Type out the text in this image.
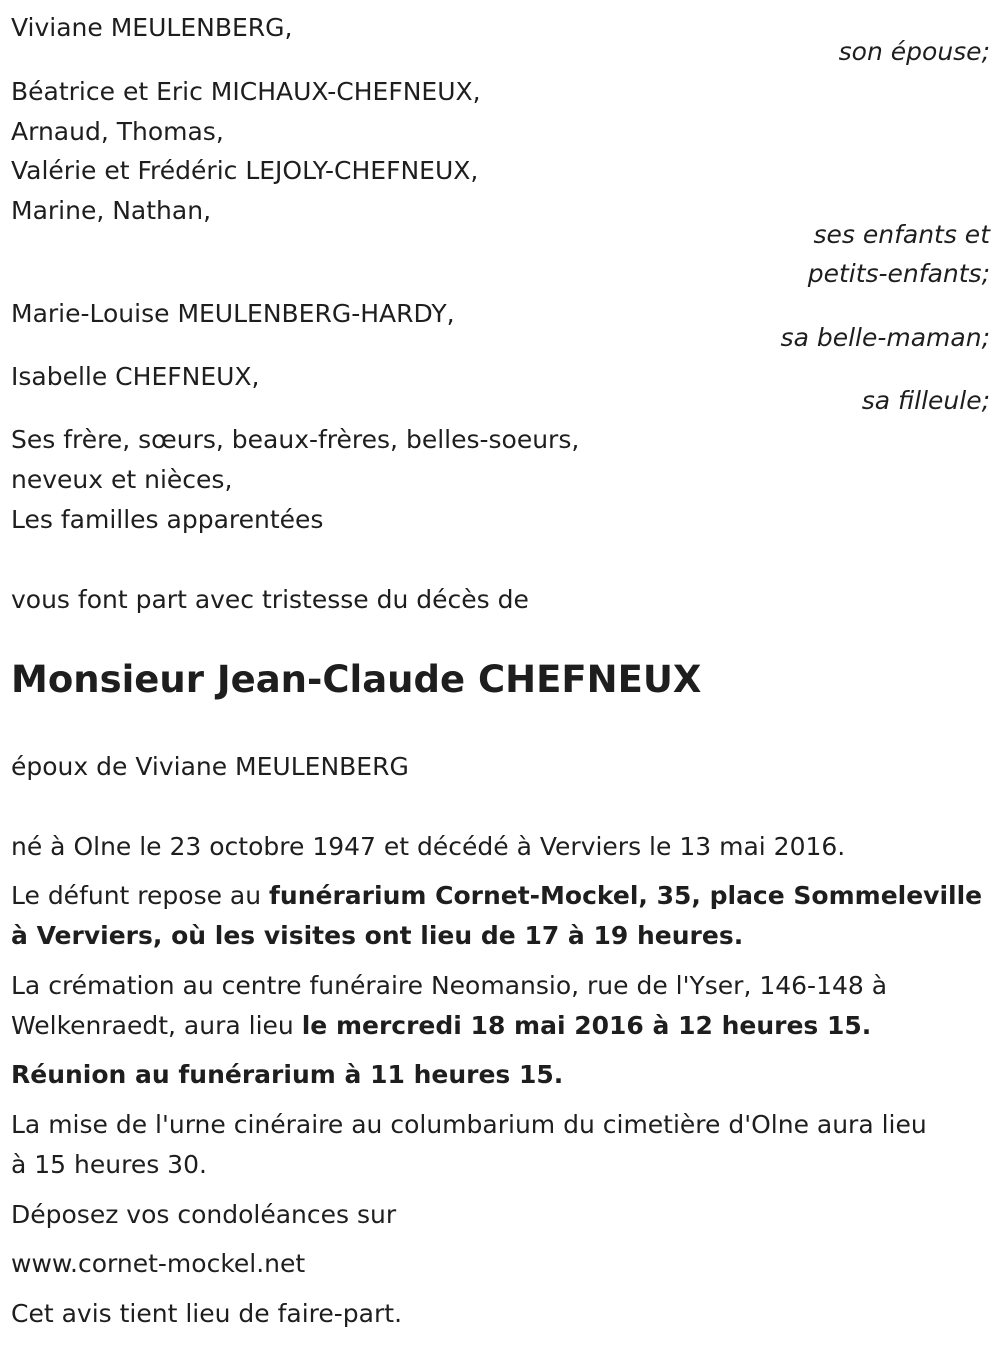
Viviane MEULENBERG,
son épouse;
Béatrice et Eric MICHAUX-CHEFNEUX,
Arnaud, Thomas,
Valérie et Frédéric LEJOLY-CHEFNEUX,
Marine, Nathan,
ses enfants et
petits-enfants;
Marie-Louise MEULENBERG-HARDY,
sa belle-maman;
Isabelle CHEFNEUX,
sa filleule;
Ses frère, sœurs, beaux-frères, belles-soeurs,
neveux et nièces,
Les familles apparentées
vous font part avec tristesse du décès de
Monsieur Jean-Claude CHEFNEUX
époux de Viviane MEULENBERG
né à Olne le 23 octobre 1947 et décédé à Verviers le 13 mai 2016.
Le défunt repose au funérarium Cornet-Mockel, 35, place Sommeleville
à Verviers, où les visites ont lieu de 17 à 19 heures.
La crémation au centre funéraire Neomansio, rue de l'Yser, 146-148 à
Welkenraedt, aura lieu le mercredi 18 mai 2016 à 12 heures 15.
Réunion au funérarium à 11 heures 15.
La mise de l'urne cinéraire au columbarium du cimetière d'Olne aura lieu
à 15 heures 30.
Déposez vos condoléances sur
www.cornet-mockel.net
Cet avis tient lieu de faire-part.
